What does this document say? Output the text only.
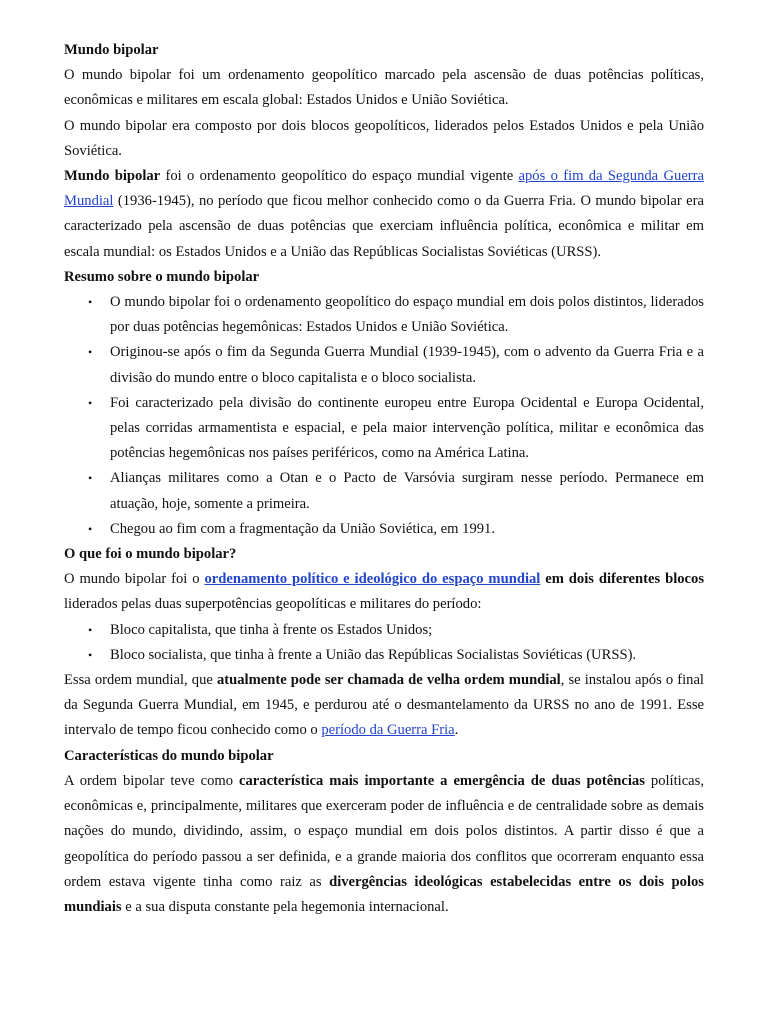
Mundo bipolar

O mundo bipolar foi um ordenamento geopolítico marcado pela ascensão de duas potências políticas, econômicas e militares em escala global: Estados Unidos e União Soviética.

O mundo bipolar era composto por dois blocos geopolíticos, liderados pelos Estados Unidos e pela União Soviética.

Mundo bipolar foi o ordenamento geopolítico do espaço mundial vigente após o fim da Segunda Guerra Mundial (1936-1945), no período que ficou melhor conhecido como o da Guerra Fria. O mundo bipolar era caracterizado pela ascensão de duas potências que exerciam influência política, econômica e militar em escala mundial: os Estados Unidos e a União das Repúblicas Socialistas Soviéticas (URSS).

Resumo sobre o mundo bipolar
• O mundo bipolar foi o ordenamento geopolítico do espaço mundial em dois polos distintos, liderados por duas potências hegemônicas: Estados Unidos e União Soviética.
• Originou-se após o fim da Segunda Guerra Mundial (1939-1945), com o advento da Guerra Fria e a divisão do mundo entre o bloco capitalista e o bloco socialista.
• Foi caracterizado pela divisão do continente europeu entre Europa Ocidental e Europa Ocidental, pelas corridas armamentista e espacial, e pela maior intervenção política, militar e econômica das potências hegemônicas nos países periféricos, como na América Latina.
• Alianças militares como a Otan e o Pacto de Varsóvia surgiram nesse período. Permanece em atuação, hoje, somente a primeira.
• Chegou ao fim com a fragmentação da União Soviética, em 1991.
O que foi o mundo bipolar?

O mundo bipolar foi o ordenamento político e ideológico do espaço mundial em dois diferentes blocos liderados pelas duas superpotências geopolíticas e militares do período:

• Bloco capitalista, que tinha à frente os Estados Unidos;
• Bloco socialista, que tinha à frente a União das Repúblicas Socialistas Soviéticas (URSS).

Essa ordem mundial, que atualmente pode ser chamada de velha ordem mundial, se instalou após o final da Segunda Guerra Mundial, em 1945, e perdurou até o desmantelamento da URSS no ano de 1991. Esse intervalo de tempo ficou conhecido como o período da Guerra Fria.

Características do mundo bipolar

A ordem bipolar teve como característica mais importante a emergência de duas potências políticas, econômicas e, principalmente, militares que exerceram poder de influência e de centralidade sobre as demais nações do mundo, dividindo, assim, o espaço mundial em dois polos distintos. A partir disso é que a geopolítica do período passou a ser definida, e a grande maioria dos conflitos que ocorreram enquanto essa ordem estava vigente tinha como raiz as divergências ideológicas estabelecidas entre os dois polos mundiais e a sua disputa constante pela hegemonia internacional.
